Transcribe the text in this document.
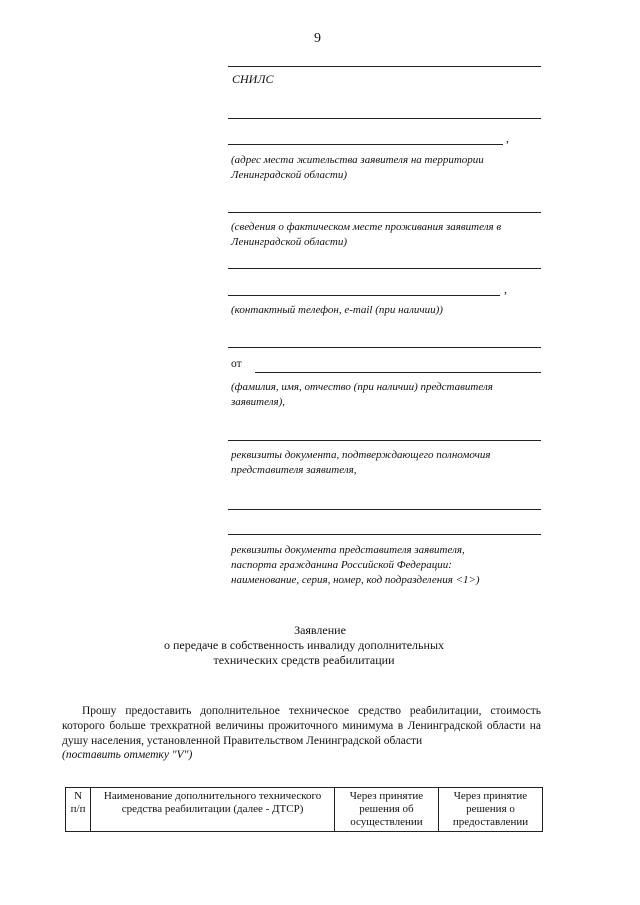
9
СНИЛС
,
(адрес места жительства заявителя на территории Ленинградской области)
(сведения о фактическом месте проживания заявителя в Ленинградской области)
,
(контактный телефон, e-mail (при наличии))
от
(фамилия, имя, отчество (при наличии) представителя заявителя),
реквизиты документа, подтверждающего полномочия представителя заявителя,
реквизиты документа представителя заявителя,
паспорта гражданина Российской Федерации:
наименование, серия, номер, код подразделения <1>)
Заявление
о передаче в собственность инвалиду дополнительных
технических средств реабилитации
Прошу предоставить дополнительное техническое средство реабилитации, стоимость которого больше трехкратной величины прожиточного минимума в Ленинградской области на душу населения, установленной Правительством Ленинградской области
(поставить отметку "V")
N п/п	Наименование дополнительного технического средства реабилитации (далее - ДТСР)	Через принятие решения об осуществлении	Через принятие решения о предоставлении
